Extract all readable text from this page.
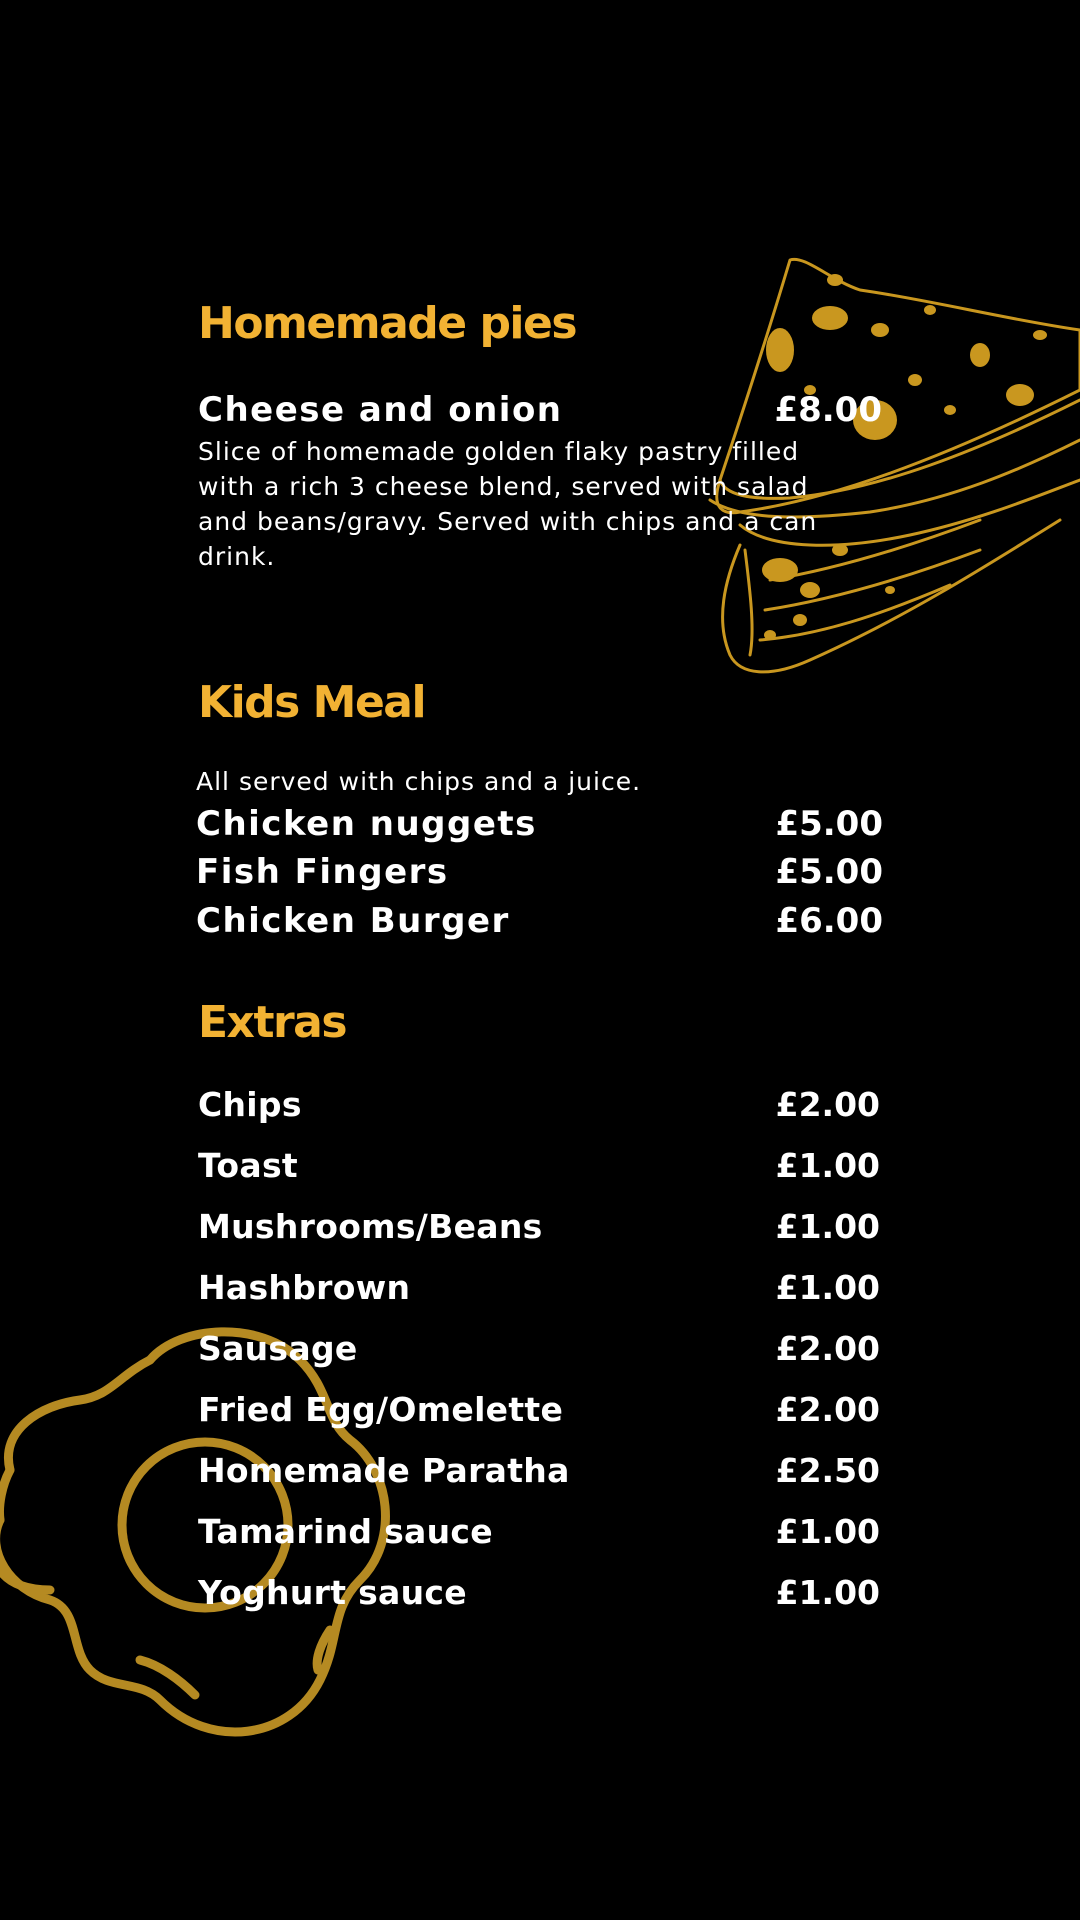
Homemade pies
Cheese and onion	£8.00

Slice of homemade golden flaky pastry filled with a rich 3 cheese blend, served with salad and beans/gravy. Served with chips and a can drink.

Kids Meal

All served with chips and a juice.

Chicken nuggets	£5.00
Fish Fingers	£5.00
Chicken Burger	£6.00
Extras
Chips	£2.00
Toast	£1.00
Mushrooms/Beans	£1.00
Hashbrown	£1.00
Sausage	£2.00
Fried Egg/Omelette	£2.00
Homemade Paratha	£2.50
Tamarind sauce	£1.00
Yoghurt sauce	£1.00
